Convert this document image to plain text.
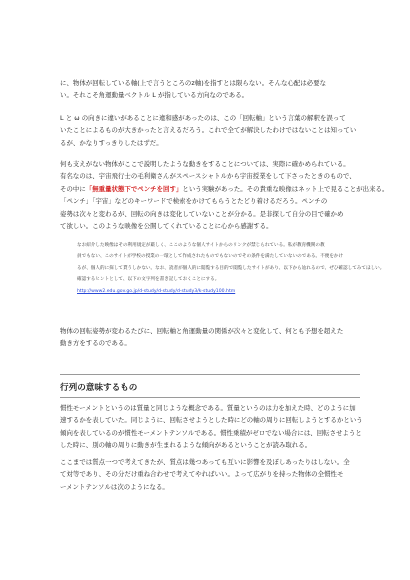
に、物体が回転している軸(上で言うところのz軸)を指すとは限らない。そんな心配は必要な
い。それこそ角運動量ベクトル L が指している方向なのである。

L と ω の向きに違いがあることに違和感があったのは、この「回転軸」という言葉の解釈を誤って
いたことによるものが大きかったと言えるだろう。これで全てが解決したわけではないことは知ってい
るが、かなりすっきりしたはずだ。

何も支えがない物体がここで説明したような動きをすることについては、実際に確かめられている。
有名なのは、宇宙飛行士の毛利衛さんがスペースシャトルから宇宙授業をして下さったときのもので、
その中に「無重量状態下でペンチを回す」という実験があった。その貴重な映像はネット上で見ることが出来る。
「ペンチ」「宇宙」などのキーワードで検索をかけてもらうとたどり着けるだろう。ペンチの
姿勢は次々と変わるが、回転の向きは変化していないことが分かる。是非探して自分の目で確かめ
て欲しい。このような映像を公開してくれていることに心から感謝する。

なお紹介した映像はその利用規定が厳しく、ここのような個人サイトからのリンクが禁じられている。私が教育機関の教
員でもない、このサイトが学校の授業の一環として作成されたものでもないのでその条件を満たしていないのである。不便をかけ
るが、個人的に探して貰うしかない。なお、読者が個人的に閲覧する目的で閲覧したサイトがあり、以下から辿れるので、ぜひ確認してみてほしい。
確認するヒントとして、以下の文字列を書き記しておくことにする。
http://www2.edu.gov.go.jp/d-study/d-study/d-study3/k-study100.htm

物体の回転姿勢が変わるたびに、回転軸と角運動量の関係が次々と変化して、何とも予想を超えた
動き方をするのである。

行列の意味するもの

慣性モーメントというのは質量と同じような概念である。質量というのは力を加えた時、どのように加
速するかを表していた。同じように、回転させようとした時にどの軸の周りに回転しようとするかという
傾向を表しているのが慣性モーメントテンソルである。慣性乗積がゼロでない場合には、回転させようと
した時に、別の軸の周りに動きが生まれるような傾向があるということが読み取れる。

ここまでは質点一つで考えてきたが、質点は幾つあっても互いに影響を及ぼしあったりはしない。全
て対等であり、その分だけ重ね合わせで考えてやればいい。よって広がりを持った物体の全慣性モ
ーメントテンソルは次のようになる。
